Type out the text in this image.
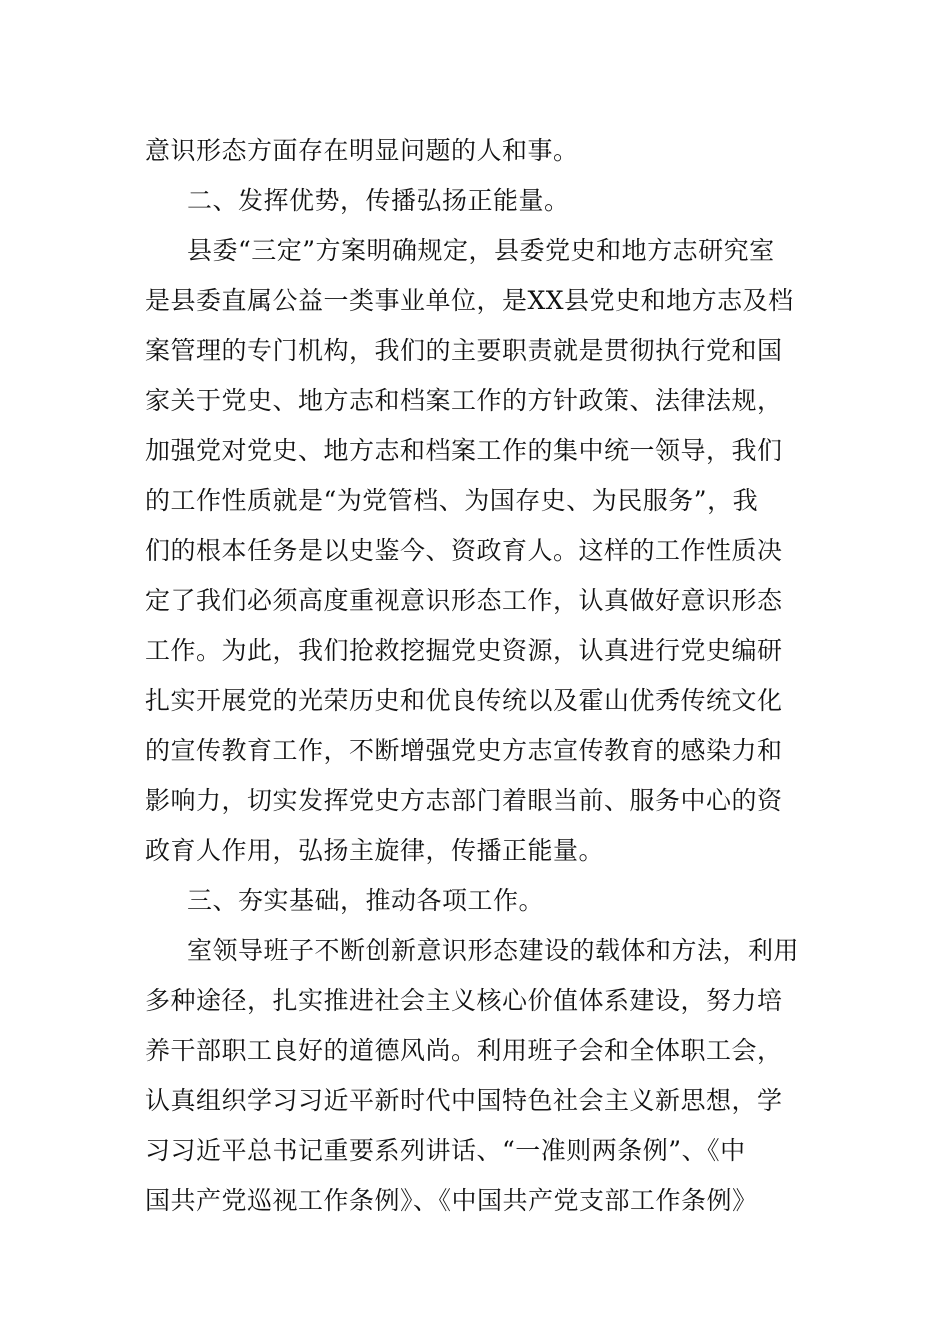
意识形态方面存在明显问题的人和事。
二、发挥优势，传播弘扬正能量。
县委“三定”方案明确规定，县委党史和地方志研究室
是县委直属公益一类事业单位，是XX县党史和地方志及档
案管理的专门机构，我们的主要职责就是贯彻执行党和国
家关于党史、地方志和档案工作的方针政策、法律法规，
加强党对党史、地方志和档案工作的集中统一领导，我们
的工作性质就是“为党管档、为国存史、为民服务”，我
们的根本任务是以史鉴今、资政育人。这样的工作性质决
定了我们必须高度重视意识形态工作，认真做好意识形态
工作。为此，我们抢救挖掘党史资源，认真进行党史编研
扎实开展党的光荣历史和优良传统以及霍山优秀传统文化
的宣传教育工作，不断增强党史方志宣传教育的感染力和
影响力，切实发挥党史方志部门着眼当前、服务中心的资
政育人作用，弘扬主旋律，传播正能量。
三、夯实基础，推动各项工作。
室领导班子不断创新意识形态建设的载体和方法，利用
多种途径，扎实推进社会主义核心价值体系建设，努力培
养干部职工良好的道德风尚。利用班子会和全体职工会，
认真组织学习习近平新时代中国特色社会主义新思想，学
习习近平总书记重要系列讲话、“一准则两条例”、《中
国共产党巡视工作条例》、《中国共产党支部工作条例》
